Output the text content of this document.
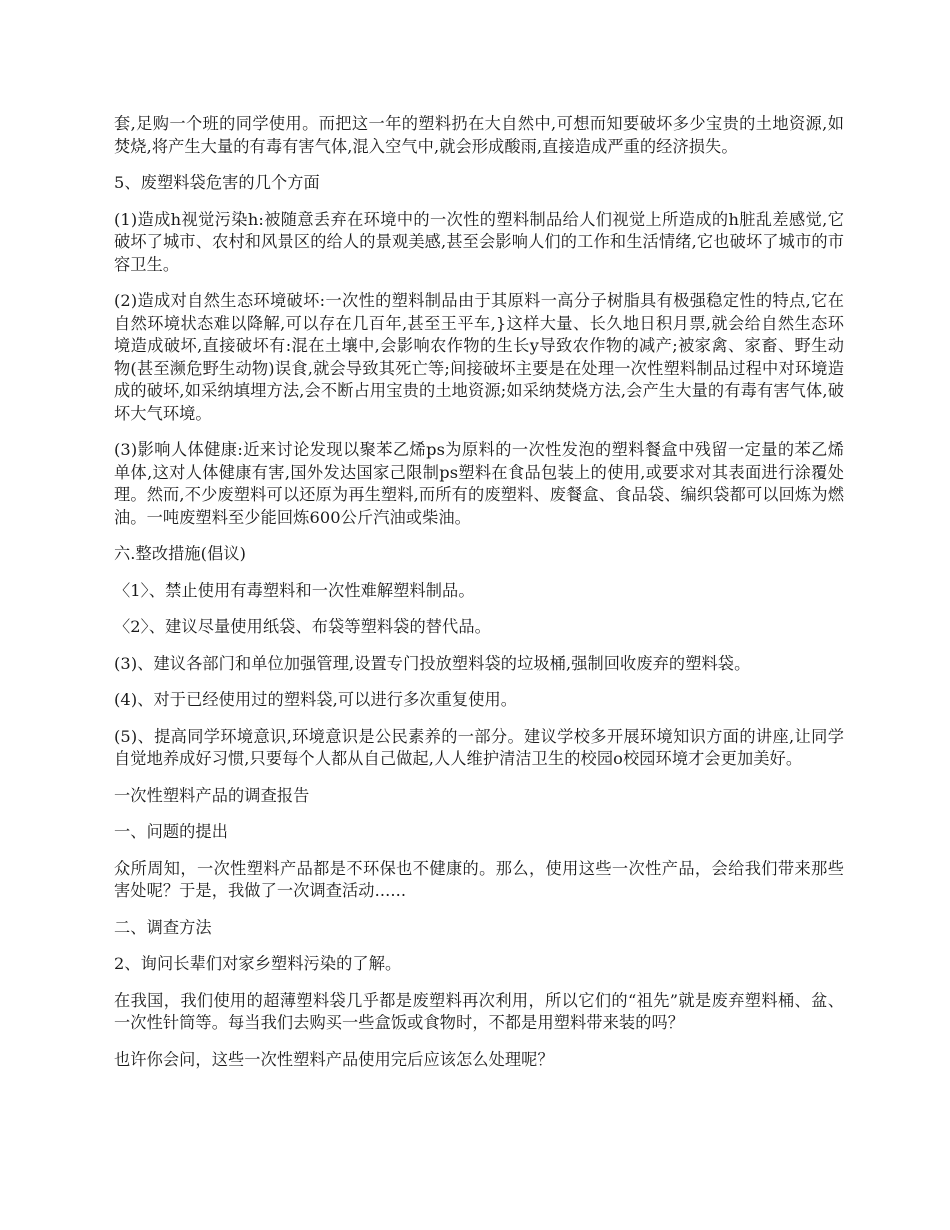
套,足购一个班的同学使用。而把这一年的塑料扔在大自然中,可想而知要破坏多少宝贵的土地资源,如焚烧,将产生大量的有毒有害气体,混入空气中,就会形成酸雨,直接造成严重的经济损失。

5、废塑料袋危害的几个方面

(1)造成h视觉污染h:被随意丢弃在环境中的一次性的塑料制品给人们视觉上所造成的h脏乱差感觉,它破坏了城市、农村和风景区的给人的景观美感,甚至会影响人们的工作和生活情绪,它也破坏了城市的市容卫生。

(2)造成对自然生态环境破坏:一次性的塑料制品由于其原料一高分子树脂具有极强稳定性的特点,它在自然环境状态难以降解,可以存在几百年,甚至王平车,}这样大量、长久地日积月票,就会给自然生态环境造成破坏,直接破坏有:混在土壤中,会影响农作物的生长y导致农作物的减产;被家禽、家畜、野生动物(甚至濒危野生动物)误食,就会导致其死亡等;间接破坏主要是在处理一次性塑料制品过程中对环境造成的破坏,如采纳填埋方法,会不断占用宝贵的土地资源;如采纳焚烧方法,会产生大量的有毒有害气体,破坏大气环境。

(3)影响人体健康:近来讨论发现以聚苯乙烯ps为原料的一次性发泡的塑料餐盒中残留一定量的苯乙烯单体,这对人体健康有害,国外发达国家己限制ps塑料在食品包装上的使用,或要求对其表面进行涂覆处理。然而,不少废塑料可以还原为再生塑料,而所有的废塑料、废餐盒、食品袋、编织袋都可以回炼为燃油。一吨废塑料至少能回炼600公斤汽油或柴油。

六.整改措施(倡议)

〈1〉、禁止使用有毒塑料和一次性难解塑料制品。

〈2〉、建议尽量使用纸袋、布袋等塑料袋的替代品。

(3)、建议各部门和单位加强管理,设置专门投放塑料袋的垃圾桶,强制回收废弃的塑料袋。

(4)、对于已经使用过的塑料袋,可以进行多次重复使用。

(5)、提高同学环境意识,环境意识是公民素养的一部分。建议学校多开展环境知识方面的讲座,让同学自觉地养成好习惯,只要每个人都从自己做起,人人维护清洁卫生的校园o校园环境才会更加美好。

一次性塑料产品的调查报告

一、问题的提出

众所周知，一次性塑料产品都是不环保也不健康的。那么，使用这些一次性产品，会给我们带来那些害处呢？于是，我做了一次调查活动......

二、调查方法

2、询问长辈们对家乡塑料污染的了解。

在我国，我们使用的超薄塑料袋几乎都是废塑料再次利用，所以它们的“祖先”就是废弃塑料桶、盆、一次性针筒等。每当我们去购买一些盒饭或食物时，不都是用塑料带来装的吗？

也许你会问，这些一次性塑料产品使用完后应该怎么处理呢？
